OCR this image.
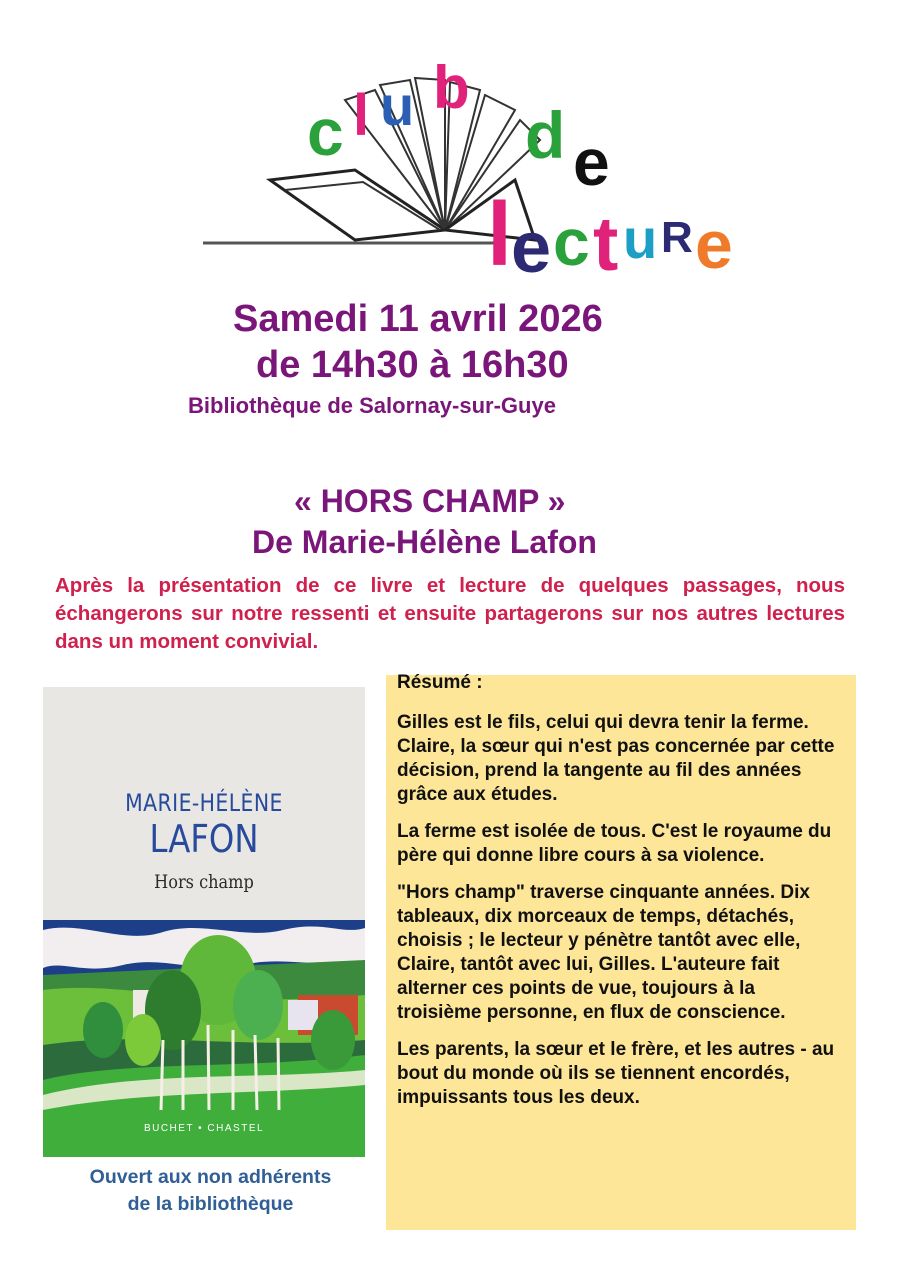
c l u b
d e
l
e c t u R e
Samedi 11 avril 2026
de 14h30 à 16h30
Bibliothèque de Salornay-sur-Guye
« HORS CHAMP »
De Marie-Hélène Lafon

Après la présentation de ce livre et lecture de quelques passages, nous échangerons sur notre ressenti et ensuite partagerons sur nos autres lectures dans un moment convivial.

MARIE-HÉLÈNE
LAFON
Hors champ
BUCHET • CHASTEL
Ouvert aux non adhérents
de la bibliothèque

Résumé :

Gilles est le fils, celui qui devra tenir la ferme. Claire, la sœur qui n'est pas concernée par cette décision, prend la tangente au fil des années grâce aux études.

La ferme est isolée de tous. C'est le royaume du père qui donne libre cours à sa violence.

"Hors champ" traverse cinquante années. Dix tableaux, dix morceaux de temps, détachés, choisis ; le lecteur y pénètre tantôt avec elle, Claire, tantôt avec lui, Gilles. L'auteure fait alterner ces points de vue, toujours à la troisième personne, en flux de conscience.

Les parents, la sœur et le frère, et les autres - au bout du monde où ils se tiennent encordés, impuissants tous les deux.
